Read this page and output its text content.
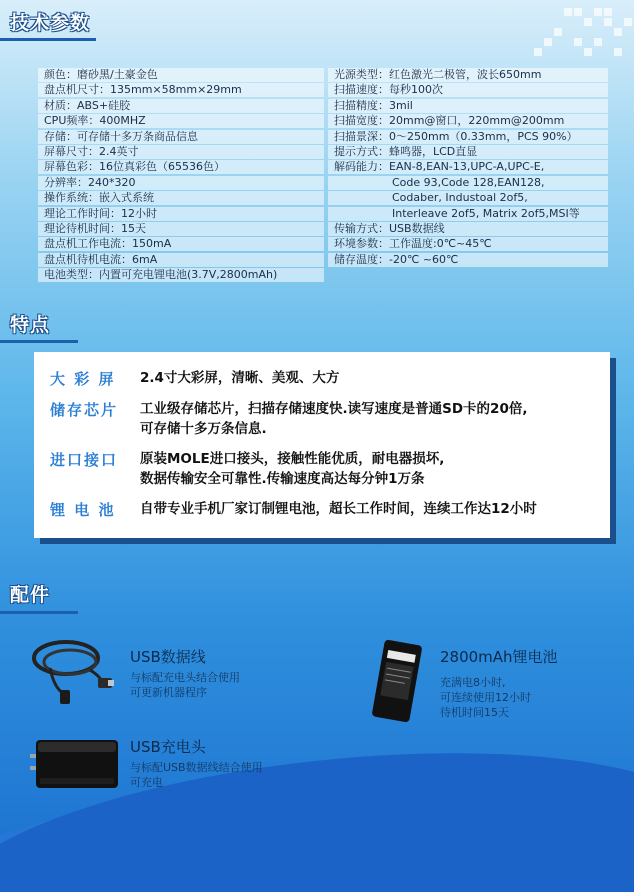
技术参数
颜色：磨砂黑/土豪金色	光源类型：红色激光二极管，波长650mm
盘点机尺寸：135mm×58mm×29mm	扫描速度：每秒100次
材质：ABS+硅胶	扫描精度：3mil
CPU频率：400MHZ	扫描宽度：20mm@窗口，220mm@200mm
存储：可存储十多万条商品信息	扫描景深：0～250mm（0.33mm，PCS 90%）
屏幕尺寸：2.4英寸	提示方式：蜂鸣器，LCD直显
屏幕色彩：16位真彩色（65536色）	解码能力：EAN-8,EAN-13,UPC-A,UPC-E,
分辨率：240*320	Code 93,Code 128,EAN128,
操作系统：嵌入式系统	Codaber, Industoal 2of5,
理论工作时间：12小时	Interleave 2of5, Matrix 2of5,MSI等
理论待机时间：15天	传输方式：USB数据线
盘点机工作电流：150mA	环境参数：工作温度:0℃~45℃
盘点机待机电流：6mA	储存温度：-20℃ ~60℃
电池类型：内置可充电锂电池(3.7V,2800mAh)
特点
大 彩 屏	2.4寸大彩屏，清晰、美观、大方
储存芯片	工业级存储芯片，扫描存储速度快.读写速度是普通SD卡的20倍,
可存储十多万条信息.
进口接口	原装MOLE进口接头，接触性能优质，耐电器损坏,
数据传输安全可靠性.传输速度高达每分钟1万条
锂 电 池	自带专业手机厂家订制锂电池，超长工作时间，连续工作达12小时
配件
USB数据线
与标配充电头结合使用
可更新机器程序
2800mAh锂电池
充满电8小时,
可连续使用12小时
待机时间15天
USB充电头
与标配USB数据线结合使用
可充电
